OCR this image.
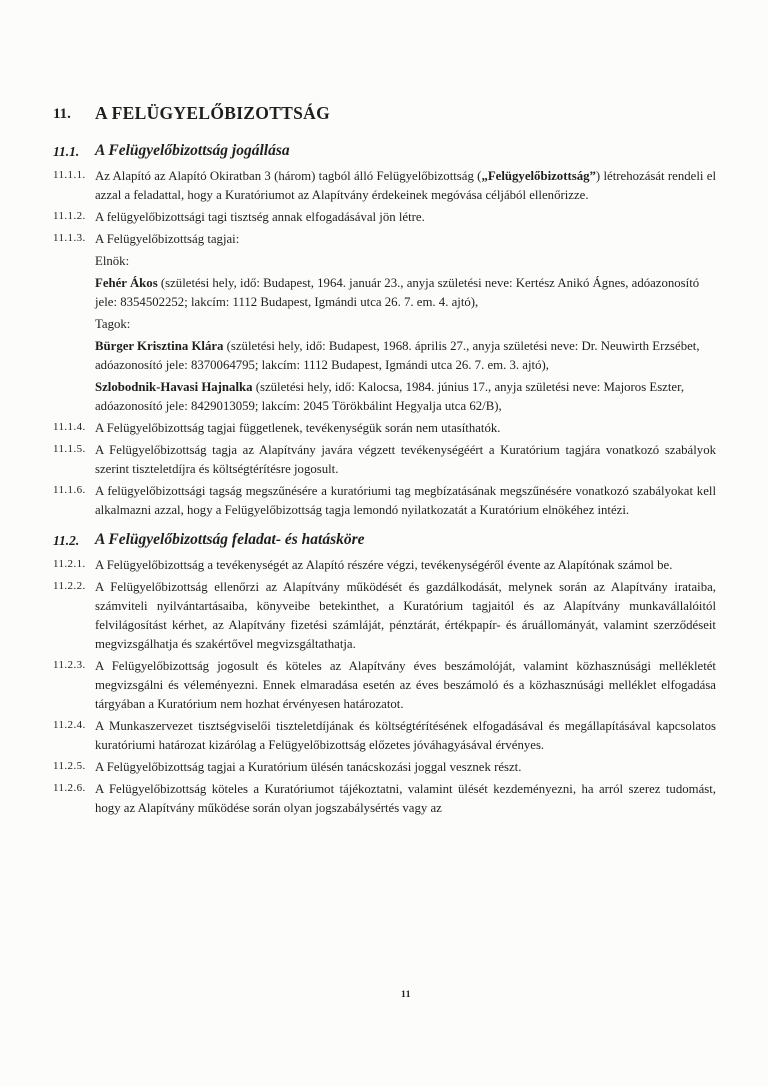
11.	A FELÜGYELŐBIZOTTSÁG
11.1.	A Felügyelőbizottság jogállása
11.1.1. Az Alapító az Alapító Okiratban 3 (három) tagból álló Felügyelőbizottság („Felügyelőbizottság”) létrehozását rendeli el azzal a feladattal, hogy a Kuratóriumot az Alapítvány érdekeinek megóvása céljából ellenőrizze.
11.1.2. A felügyelőbizottsági tagi tisztség annak elfogadásával jön létre.
11.1.3. A Felügyelőbizottság tagjai:
Elnök:
Fehér Ákos (születési hely, idő: Budapest, 1964. január 23., anyja születési neve: Kertész Anikó Ágnes, adóazonosító jele: 8354502252; lakcím: 1112 Budapest, Igmándi utca 26. 7. em. 4. ajtó),
Tagok:
Bürger Krisztina Klára (születési hely, idő: Budapest, 1968. április 27., anyja születési neve: Dr. Neuwirth Erzsébet, adóazonosító jele: 8370064795; lakcím: 1112 Budapest, Igmándi utca 26. 7. em. 3. ajtó),
Szlobodnik-Havasi Hajnalka (születési hely, idő: Kalocsa, 1984. június 17., anyja születési neve: Majoros Eszter, adóazonosító jele: 8429013059; lakcím: 2045 Törökbálint Hegyalja utca 62/B),
11.1.4. A Felügyelőbizottság tagjai függetlenek, tevékenységük során nem utasíthatók.
11.1.5. A Felügyelőbizottság tagja az Alapítvány javára végzett tevékenységéért a Kuratórium tagjára vonatkozó szabályok szerint tiszteletdíjra és költségtérítésre jogosult.
11.1.6. A felügyelőbizottsági tagság megszűnésére a kuratóriumi tag megbízatásának megszűnésére vonatkozó szabályokat kell alkalmazni azzal, hogy a Felügyelőbizottság tagja lemondó nyilatkozatát a Kuratórium elnökéhez intézi.
11.2.	A Felügyelőbizottság feladat- és hatásköre
11.2.1. A Felügyelőbizottság a tevékenységét az Alapító részére végzi, tevékenységéről évente az Alapítónak számol be.
11.2.2. A Felügyelőbizottság ellenőrzi az Alapítvány működését és gazdálkodását, melynek során az Alapítvány irataiba, számviteli nyilvántartásaiba, könyveibe betekinthet, a Kuratórium tagjaitól és az Alapítvány munkavállalóitól felvilágosítást kérhet, az Alapítvány fizetési számláját, pénztárát, értékpapír- és áruállományát, valamint szerződéseit megvizsgálhatja és szakértővel megvizsgáltathatja.
11.2.3. A Felügyelőbizottság jogosult és köteles az Alapítvány éves beszámolóját, valamint közhasznúsági mellékletét megvizsgálni és véleményezni. Ennek elmaradása esetén az éves beszámoló és a közhasznúsági melléklet elfogadása tárgyában a Kuratórium nem hozhat érvényesen határozatot.
11.2.4. A Munkaszervezet tisztségviselői tiszteletdíjának és költségtérítésének elfogadásával és megállapításával kapcsolatos kuratóriumi határozat kizárólag a Felügyelőbizottság előzetes jóváhagyásával érvényes.
11.2.5. A Felügyelőbizottság tagjai a Kuratórium ülésén tanácskozási joggal vesznek részt.
11.2.6. A Felügyelőbizottság köteles a Kuratóriumot tájékoztatni, valamint ülését kezdeményezni, ha arról szerez tudomást, hogy az Alapítvány működése során olyan jogszabálysértés vagy az
11
